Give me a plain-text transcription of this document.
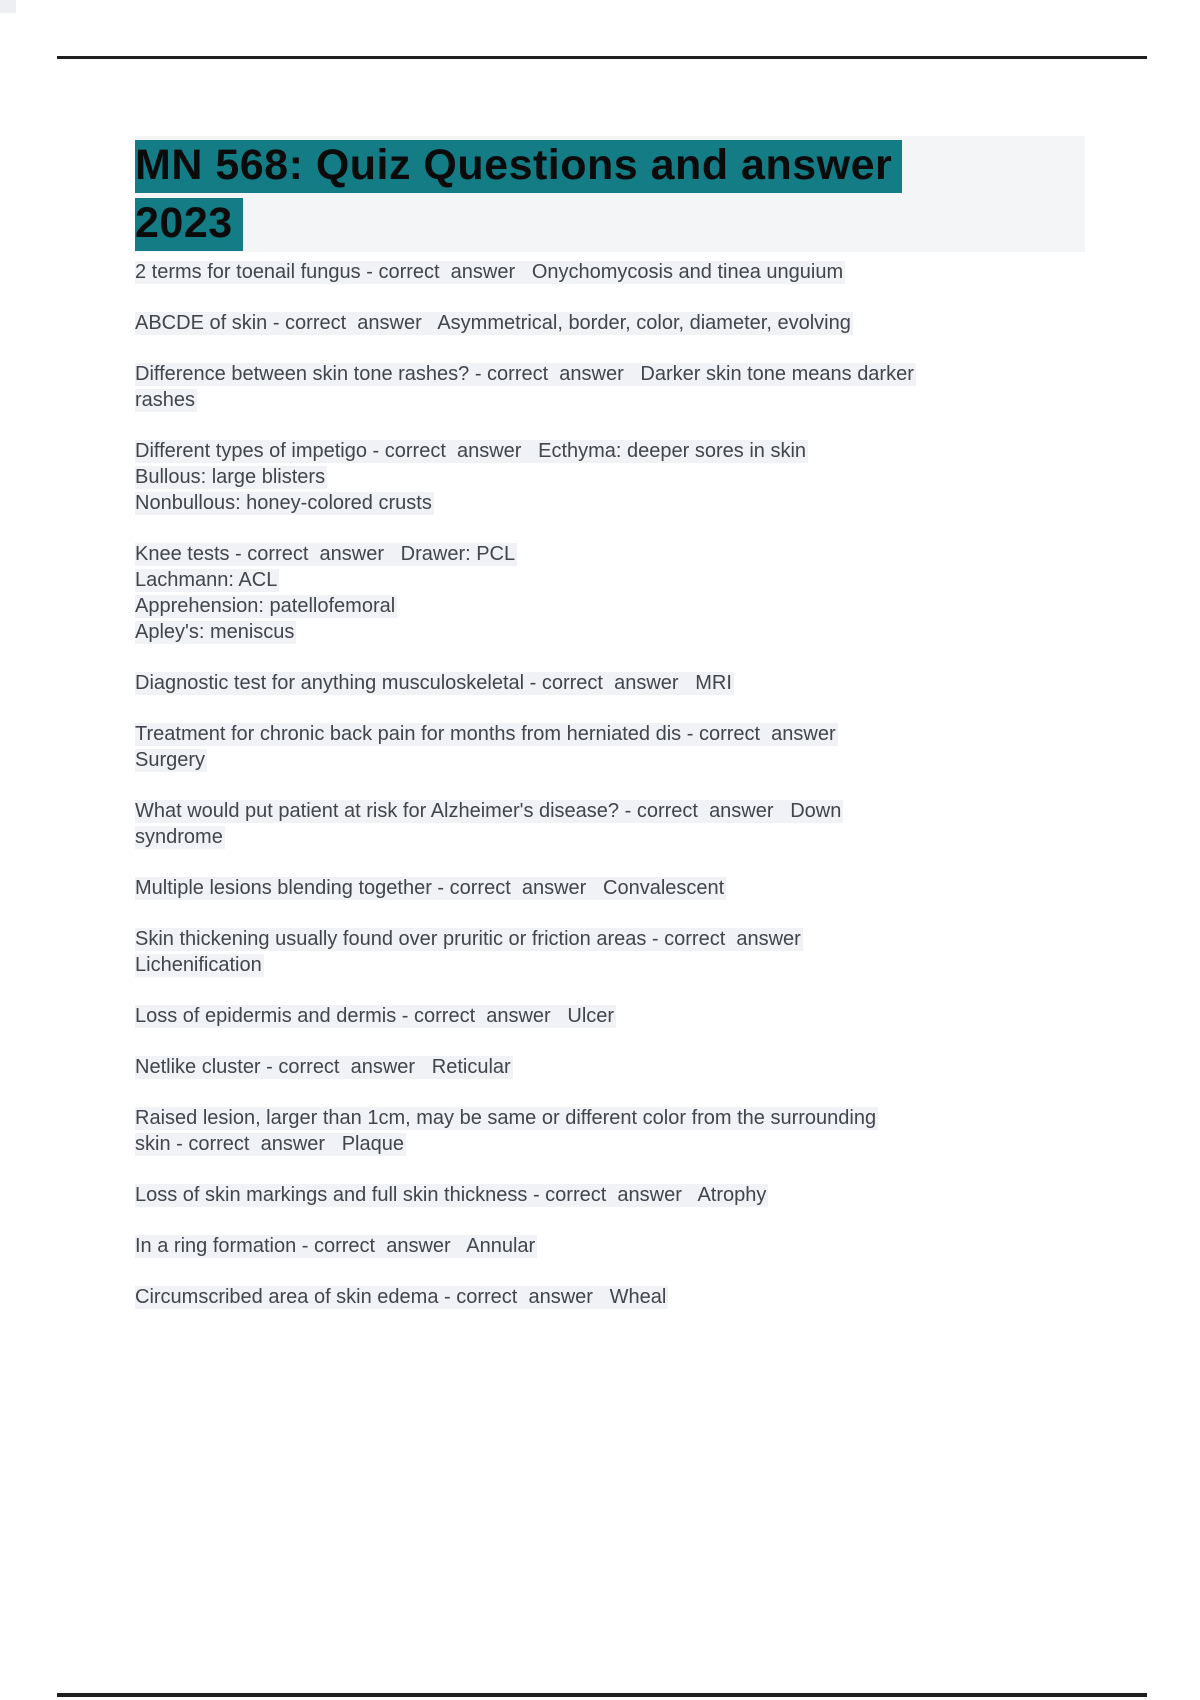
MN 568: Quiz Questions and answer
2023

2 terms for toenail fungus - correct  answer   Onychomycosis and tinea unguium

ABCDE of skin - correct  answer   Asymmetrical, border, color, diameter, evolving

Difference between skin tone rashes? - correct  answer   Darker skin tone means darker
rashes

Different types of impetigo - correct  answer   Ecthyma: deeper sores in skin
Bullous: large blisters
Nonbullous: honey-colored crusts

Knee tests - correct  answer   Drawer: PCL
Lachmann: ACL
Apprehension: patellofemoral
Apley's: meniscus

Diagnostic test for anything musculoskeletal - correct  answer   MRI

Treatment for chronic back pain for months from herniated dis - correct  answer
Surgery

What would put patient at risk for Alzheimer's disease? - correct  answer   Down
syndrome

Multiple lesions blending together - correct  answer   Convalescent

Skin thickening usually found over pruritic or friction areas - correct  answer
Lichenification

Loss of epidermis and dermis - correct  answer   Ulcer

Netlike cluster - correct  answer   Reticular

Raised lesion, larger than 1cm, may be same or different color from the surrounding
skin - correct  answer   Plaque

Loss of skin markings and full skin thickness - correct  answer   Atrophy

In a ring formation - correct  answer   Annular

Circumscribed area of skin edema - correct  answer   Wheal
